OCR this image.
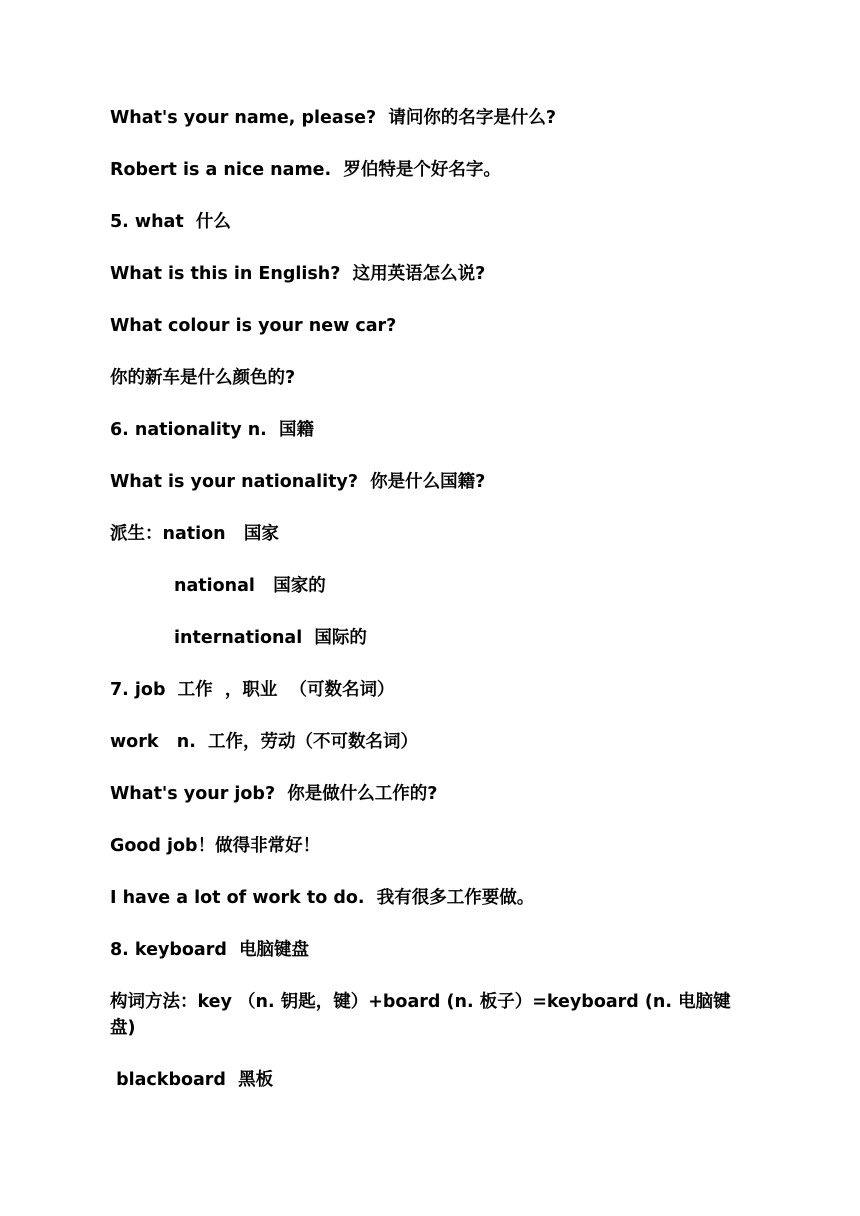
What's your name, please?  请问你的名字是什么?
Robert is a nice name.  罗伯特是个好名字。
5. what  什么
What is this in English?  这用英语怎么说?
What colour is your new car?
你的新车是什么颜色的?
6. nationality n.  国籍
What is your nationality?  你是什么国籍?
派生：nation   国家
national   国家的
international  国际的
7. job  工作  ，职业  （可数名词）
work   n.  工作，劳动（不可数名词）
What's your job?  你是做什么工作的?
Good job！做得非常好！
I have a lot of work to do.  我有很多工作要做。
8. keyboard  电脑键盘
构词方法：key （n. 钥匙，键）+board (n. 板子）=keyboard (n. 电脑键盘)
blackboard  黑板
